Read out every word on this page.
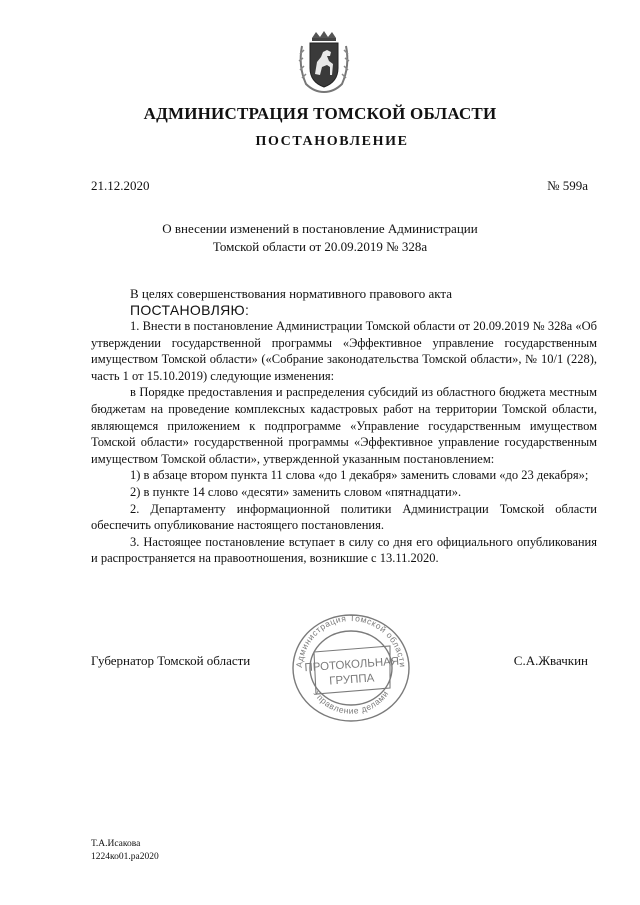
АДМИНИСТРАЦИЯ ТОМСКОЙ ОБЛАСТИ
ПОСТАНОВЛЕНИЕ
21.12.2020	№ 599а
О внесении изменений в постановление Администрации
Томской области от 20.09.2019 № 328а
В целях совершенствования нормативного правового акта
ПОСТАНОВЛЯЮ:

1. Внести в постановление Администрации Томской области от 20.09.2019 № 328а «Об утверждении государственной программы «Эффективное управление государственным имуществом Томской области» («Собрание законодательства Томской области», № 10/1 (228), часть 1 от 15.10.2019) следующие изменения:

в Порядке предоставления и распределения субсидий из областного бюджета местным бюджетам на проведение комплексных кадастровых работ на территории Томской области, являющемся приложением к подпрограмме «Управление государственным имуществом Томской области» государственной программы «Эффективное управление государственным имуществом Томской области», утвержденной указанным постановлением:

1) в абзаце втором пункта 11 слова «до 1 декабря» заменить словами «до 23 декабря»;

2) в пункте 14 слово «десяти» заменить словом «пятнадцати».

2. Департаменту информационной политики Администрации Томской области обеспечить опубликование настоящего постановления.

3. Настоящее постановление вступает в силу со дня его официального опубликования и распространяется на правоотношения, возникшие с 13.11.2020.

Губернатор Томской области	С.А.Жвачкин
Администрация Томской области
Управление делами
ПРОТОКОЛЬНАЯ
ГРУППА
Т.А.Исакова
1224ко01.ра2020
